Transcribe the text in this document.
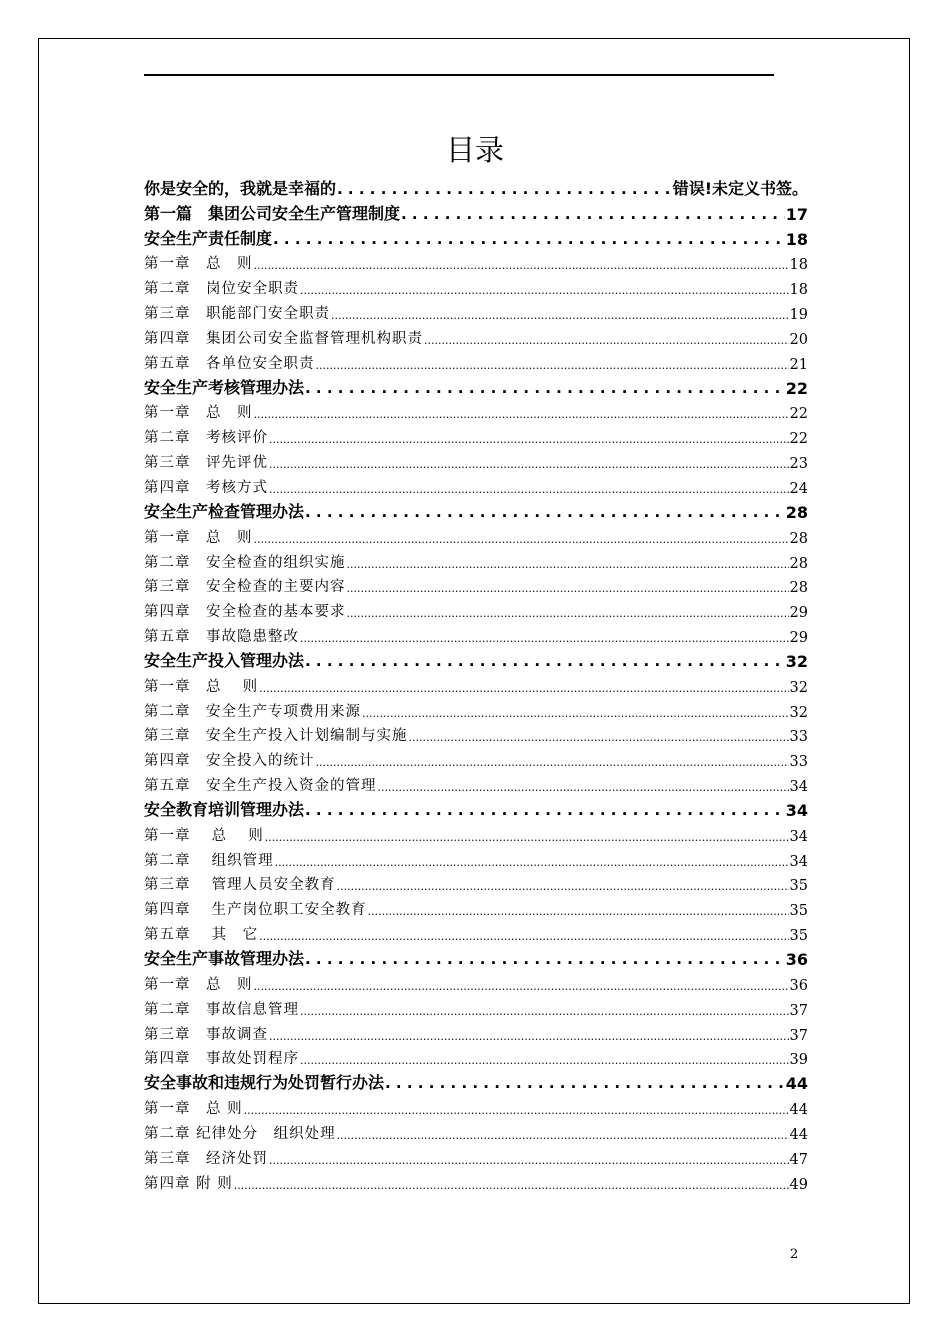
目录
你是安全的，我就是幸福的 . . .	错误!未定义书签。
第一篇　集团公司安全生产管理制度 . . .	17
安全生产责任制度 . . .	18
第一章　总　则 .....	18
第二章　岗位安全职责 .....	18
第三章　职能部门安全职责 .....	19
第四章　集团公司安全监督管理机构职责 .....	20
第五章　各单位安全职责 .....	21
安全生产考核管理办法 . . .	22
第一章　总　则 .....	22
第二章　考核评价 .....	22
第三章　评先评优 .....	23
第四章　考核方式 .....	24
安全生产检查管理办法 . . .	28
第一章　总　则 .....	28
第二章　安全检查的组织实施 .....	28
第三章　安全检查的主要内容 .....	28
第四章　安全检查的基本要求 .....	29
第五章　事故隐患整改 .....	29
安全生产投入管理办法 . . .	32
第一章　总　 则 .....	32
第二章　安全生产专项费用来源 .....	32
第三章　安全生产投入计划编制与实施 .....	33
第四章　安全投入的统计 .....	33
第五章　安全生产投入资金的管理 .....	34
安全教育培训管理办法 . . .	34
第一章　 总　 则 .....	34
第二章　 组织管理 .....	34
第三章　 管理人员安全教育 .....	35
第四章　 生产岗位职工安全教育 .....	35
第五章　 其　它 .....	35
安全生产事故管理办法 . . .	36
第一章　总　则 .....	36
第二章　事故信息管理 .....	37
第三章　事故调查 .....	37
第四章　事故处罚程序 .....	39
安全事故和违规行为处罚暂行办法 . . .	44
第一章　总 则 .....	44
第二章 纪律处分　组织处理 .....	44
第三章　经济处罚 .....	47
第四章 附 则 .....	49
2
